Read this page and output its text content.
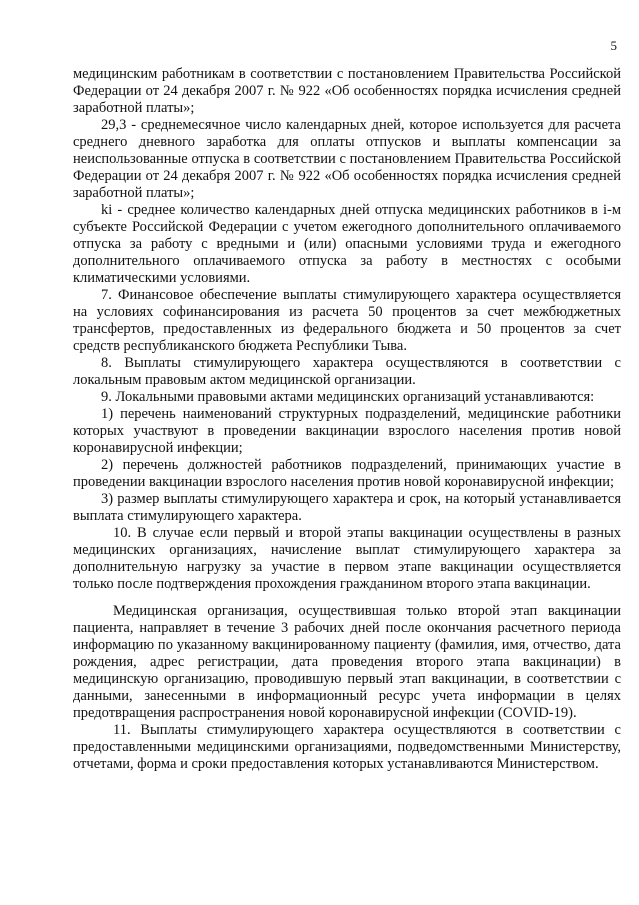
5

медицинским работникам в соответствии с постановлением Правительства Российской Федерации от 24 декабря 2007 г. № 922 «Об особенностях порядка исчисления средней заработной платы»;

29,3 - среднемесячное число календарных дней, которое используется для расчета среднего дневного заработка для оплаты отпусков и выплаты компенсации за неиспользованные отпуска в соответствии с постановлением Правительства Российской Федерации от 24 декабря 2007 г. № 922 «Об особенностях порядка исчисления средней заработной платы»;

ki - среднее количество календарных дней отпуска медицинских работников в i-м субъекте Российской Федерации с учетом ежегодного дополнительного оплачиваемого отпуска за работу с вредными и (или) опасными условиями труда и ежегодного дополнительного оплачиваемого отпуска за работу в местностях с особыми климатическими условиями.

7. Финансовое обеспечение выплаты стимулирующего характера осуществляется на условиях софинансирования из расчета 50 процентов за счет межбюджетных трансфертов, предоставленных из федерального бюджета и 50 процентов за счет средств республиканского бюджета Республики Тыва.

8. Выплаты стимулирующего характера осуществляются в соответствии с локальным правовым актом медицинской организации.

9. Локальными правовыми актами медицинских организаций устанавливаются:

1) перечень наименований структурных подразделений, медицинские работники которых участвуют в проведении вакцинации взрослого населения против новой коронавирусной инфекции;

2) перечень должностей работников подразделений, принимающих участие в проведении вакцинации взрослого населения против новой коронавирусной инфекции;

3) размер выплаты стимулирующего характера и срок, на который устанавливается выплата стимулирующего характера.

10. В случае если первый и второй этапы вакцинации осуществлены в разных медицинских организациях, начисление выплат стимулирующего характера за дополнительную нагрузку за участие в первом этапе вакцинации осуществляется только после подтверждения прохождения гражданином второго этапа вакцинации.

Медицинская организация, осуществившая только второй этап вакцинации пациента, направляет в течение 3 рабочих дней после окончания расчетного периода информацию по указанному вакцинированному пациенту (фамилия, имя, отчество, дата рождения, адрес регистрации, дата проведения второго этапа вакцинации) в медицинскую организацию, проводившую первый этап вакцинации, в соответствии с данными, занесенными в информационный ресурс учета информации в целях предотвращения распространения новой коронавирусной инфекции (COVID-19).

11. Выплаты стимулирующего характера осуществляются в соответствии с предоставленными медицинскими организациями, подведомственными Министерству, отчетами, форма и сроки предоставления которых устанавливаются Министерством.
